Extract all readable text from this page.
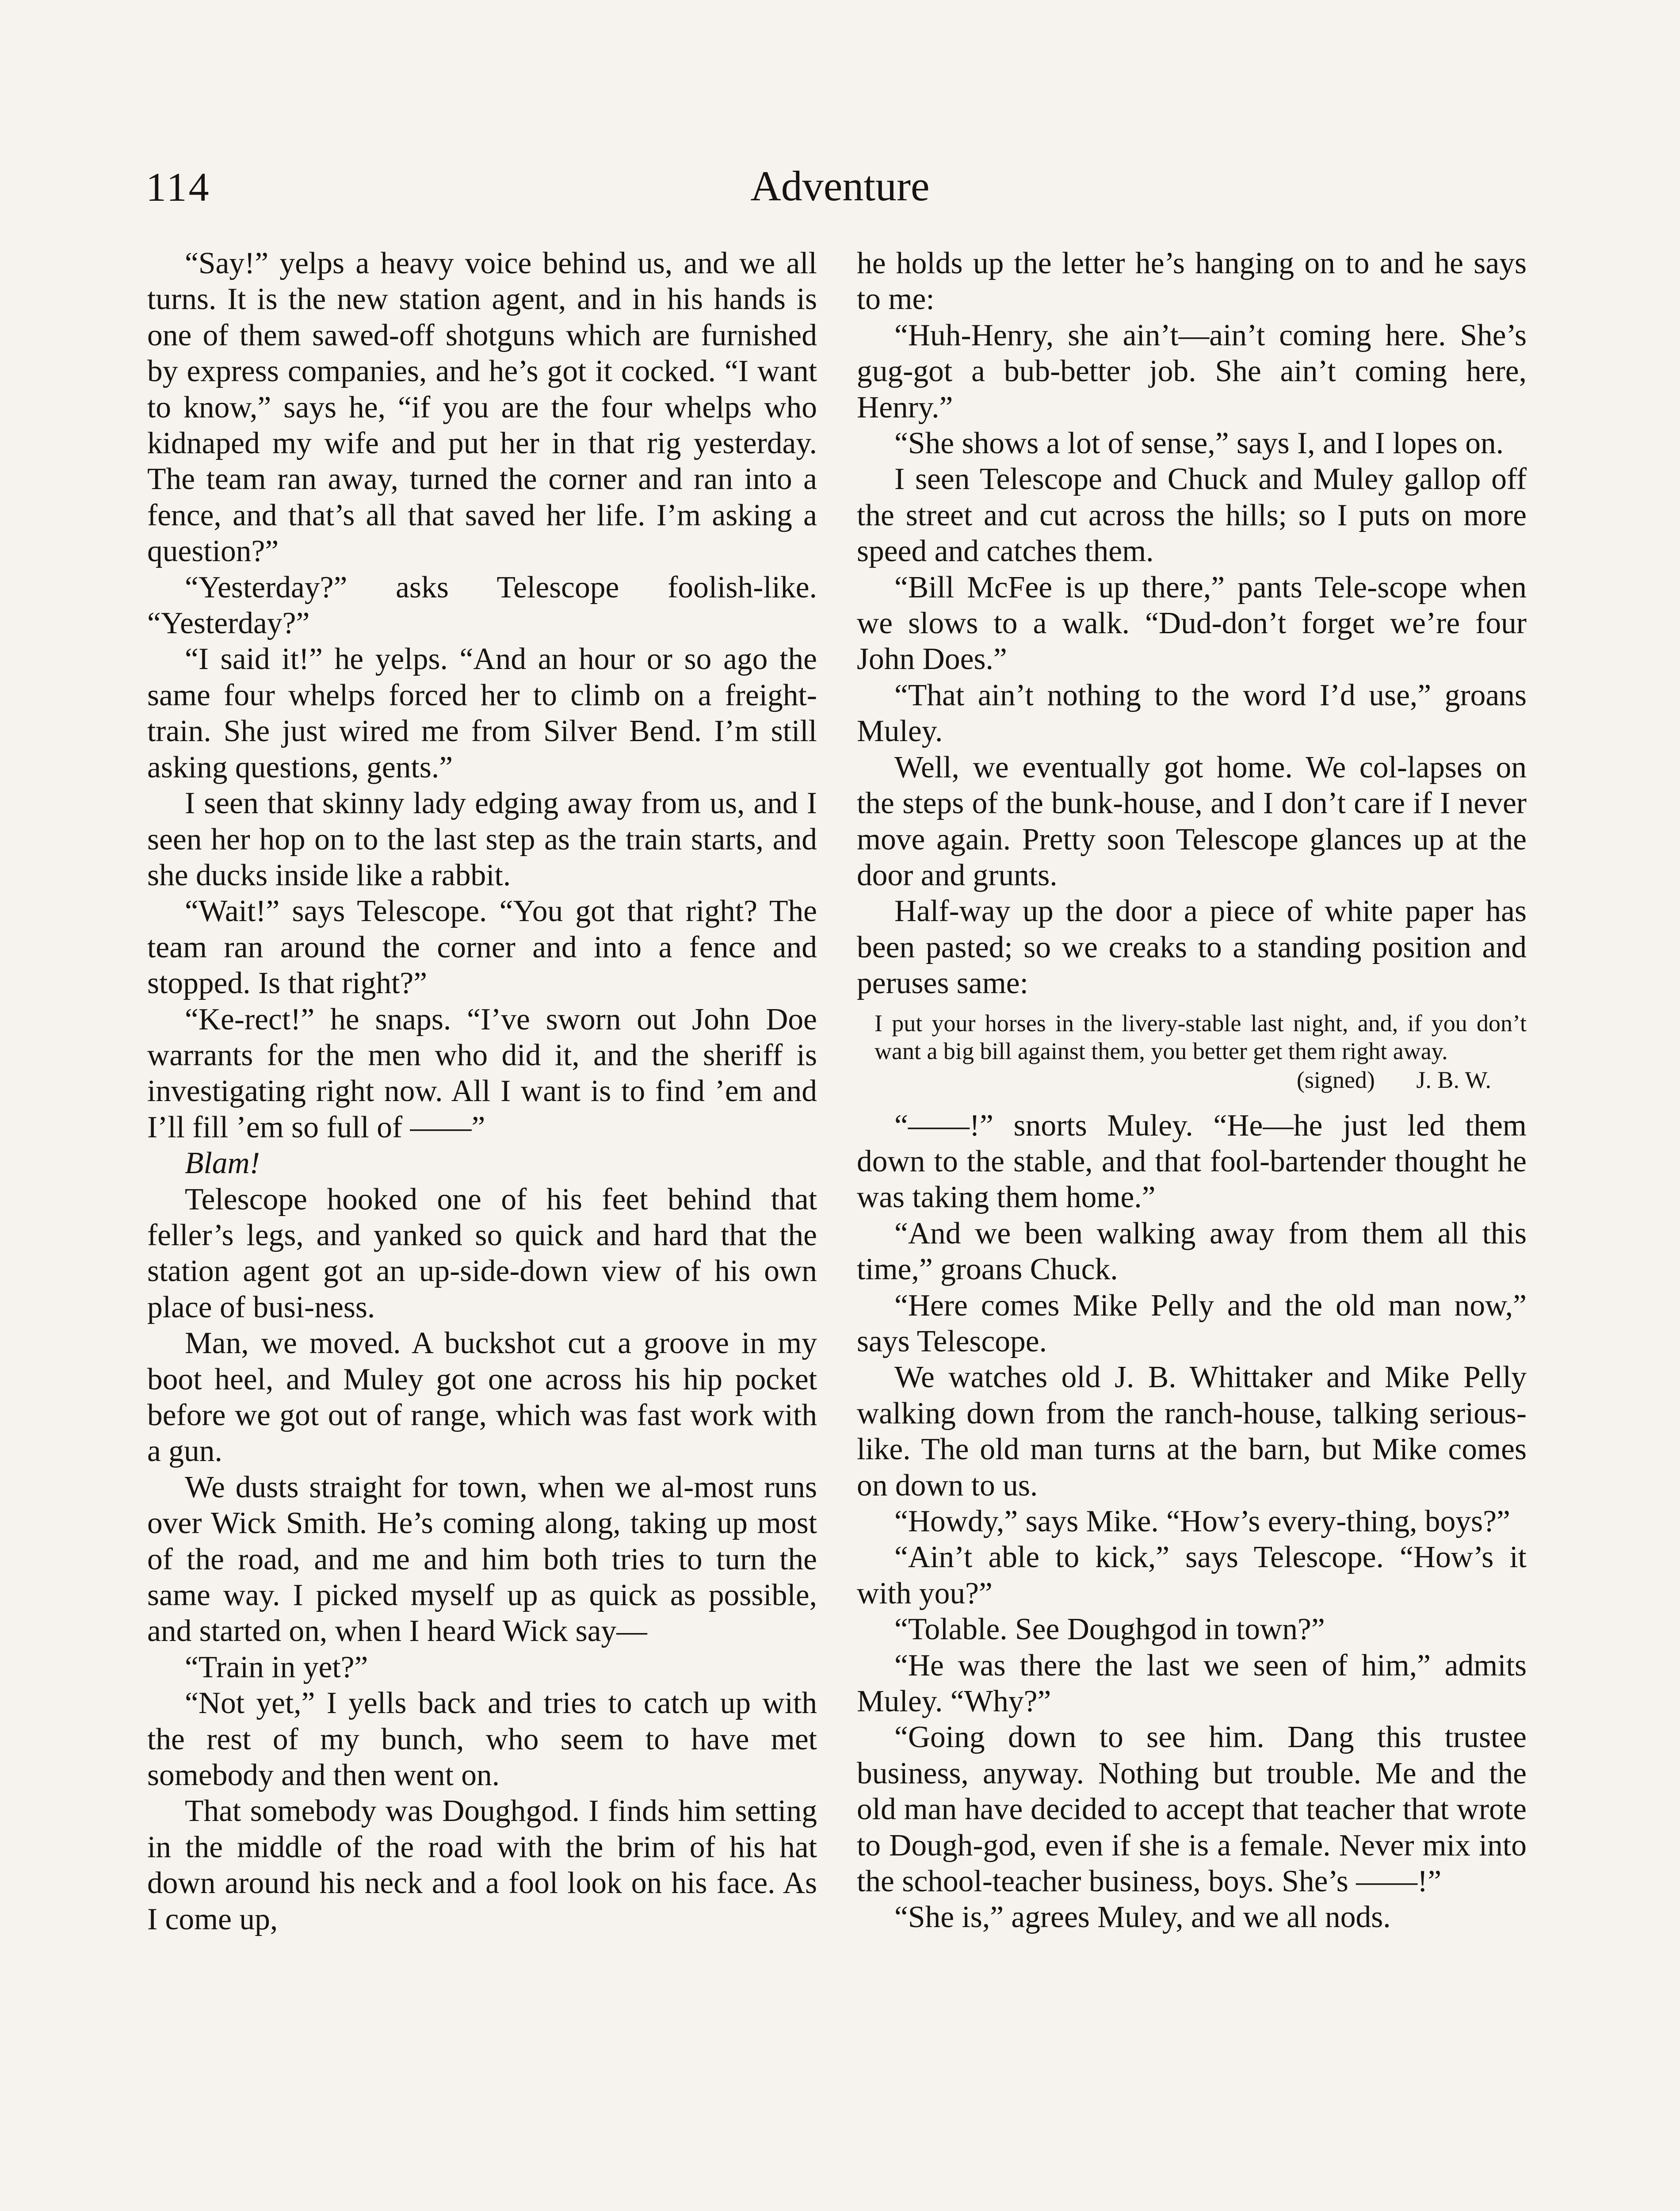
114	Adventure

“Say!” yelps a heavy voice behind us, and we all turns. It is the new station agent, and in his hands is one of them sawed-off shotguns which are furnished by express companies, and he’s got it cocked. “I want to know,” says he, “if you are the four whelps who kidnaped my wife and put her in that rig yesterday. The team ran away, turned the corner and ran into a fence, and that’s all that saved her life. I’m asking a question?”

“Yesterday?” asks Telescope foolish-like. “Yesterday?”

“I said it!” he yelps. “And an hour or so ago the same four whelps forced her to climb on a freight-train. She just wired me from Silver Bend. I’m still asking questions, gents.”

I seen that skinny lady edging away from us, and I seen her hop on to the last step as the train starts, and she ducks inside like a rabbit.

“Wait!” says Telescope. “You got that right? The team ran around the corner and into a fence and stopped. Is that right?”

“Ke-rect!” he snaps. “I’ve sworn out John Doe warrants for the men who did it, and the sheriff is investigating right now. All I want is to find ’em and I’ll fill ’em so full of ——”

Blam!

Telescope hooked one of his feet behind that feller’s legs, and yanked so quick and hard that the station agent got an up-side-down view of his own place of busi-ness.

Man, we moved. A buckshot cut a groove in my boot heel, and Muley got one across his hip pocket before we got out of range, which was fast work with a gun.

We dusts straight for town, when we al-most runs over Wick Smith. He’s coming along, taking up most of the road, and me and him both tries to turn the same way. I picked myself up as quick as possible, and started on, when I heard Wick say—

“Train in yet?”

“Not yet,” I yells back and tries to catch up with the rest of my bunch, who seem to have met somebody and then went on.

That somebody was Doughgod. I finds him setting in the middle of the road with the brim of his hat down around his neck and a fool look on his face. As I come up,

he holds up the letter he’s hanging on to and he says to me:

“Huh-Henry, she ain’t—ain’t coming here. She’s gug-got a bub-better job. She ain’t coming here, Henry.”

“She shows a lot of sense,” says I, and I lopes on.

I seen Telescope and Chuck and Muley gallop off the street and cut across the hills; so I puts on more speed and catches them.

“Bill McFee is up there,” pants Tele-scope when we slows to a walk. “Dud-don’t forget we’re four John Does.”

“That ain’t nothing to the word I’d use,” groans Muley.

Well, we eventually got home. We col-lapses on the steps of the bunk-house, and I don’t care if I never move again. Pretty soon Telescope glances up at the door and grunts.

Half-way up the door a piece of white paper has been pasted; so we creaks to a standing position and peruses same:

I put your horses in the livery-stable last night, and, if you don’t want a big bill against them, you better get them right away.

(signed) J. B. W.

“——!” snorts Muley. “He—he just led them down to the stable, and that fool-bartender thought he was taking them home.”

“And we been walking away from them all this time,” groans Chuck.

“Here comes Mike Pelly and the old man now,” says Telescope.

We watches old J. B. Whittaker and Mike Pelly walking down from the ranch-house, talking serious-like. The old man turns at the barn, but Mike comes on down to us.

“Howdy,” says Mike. “How’s every-thing, boys?”

“Ain’t able to kick,” says Telescope. “How’s it with you?”

“Tolable. See Doughgod in town?”

“He was there the last we seen of him,” admits Muley. “Why?”

“Going down to see him. Dang this trustee business, anyway. Nothing but trouble. Me and the old man have decided to accept that teacher that wrote to Dough-god, even if she is a female. Never mix into the school-teacher business, boys. She’s ——!”

“She is,” agrees Muley, and we all nods.
